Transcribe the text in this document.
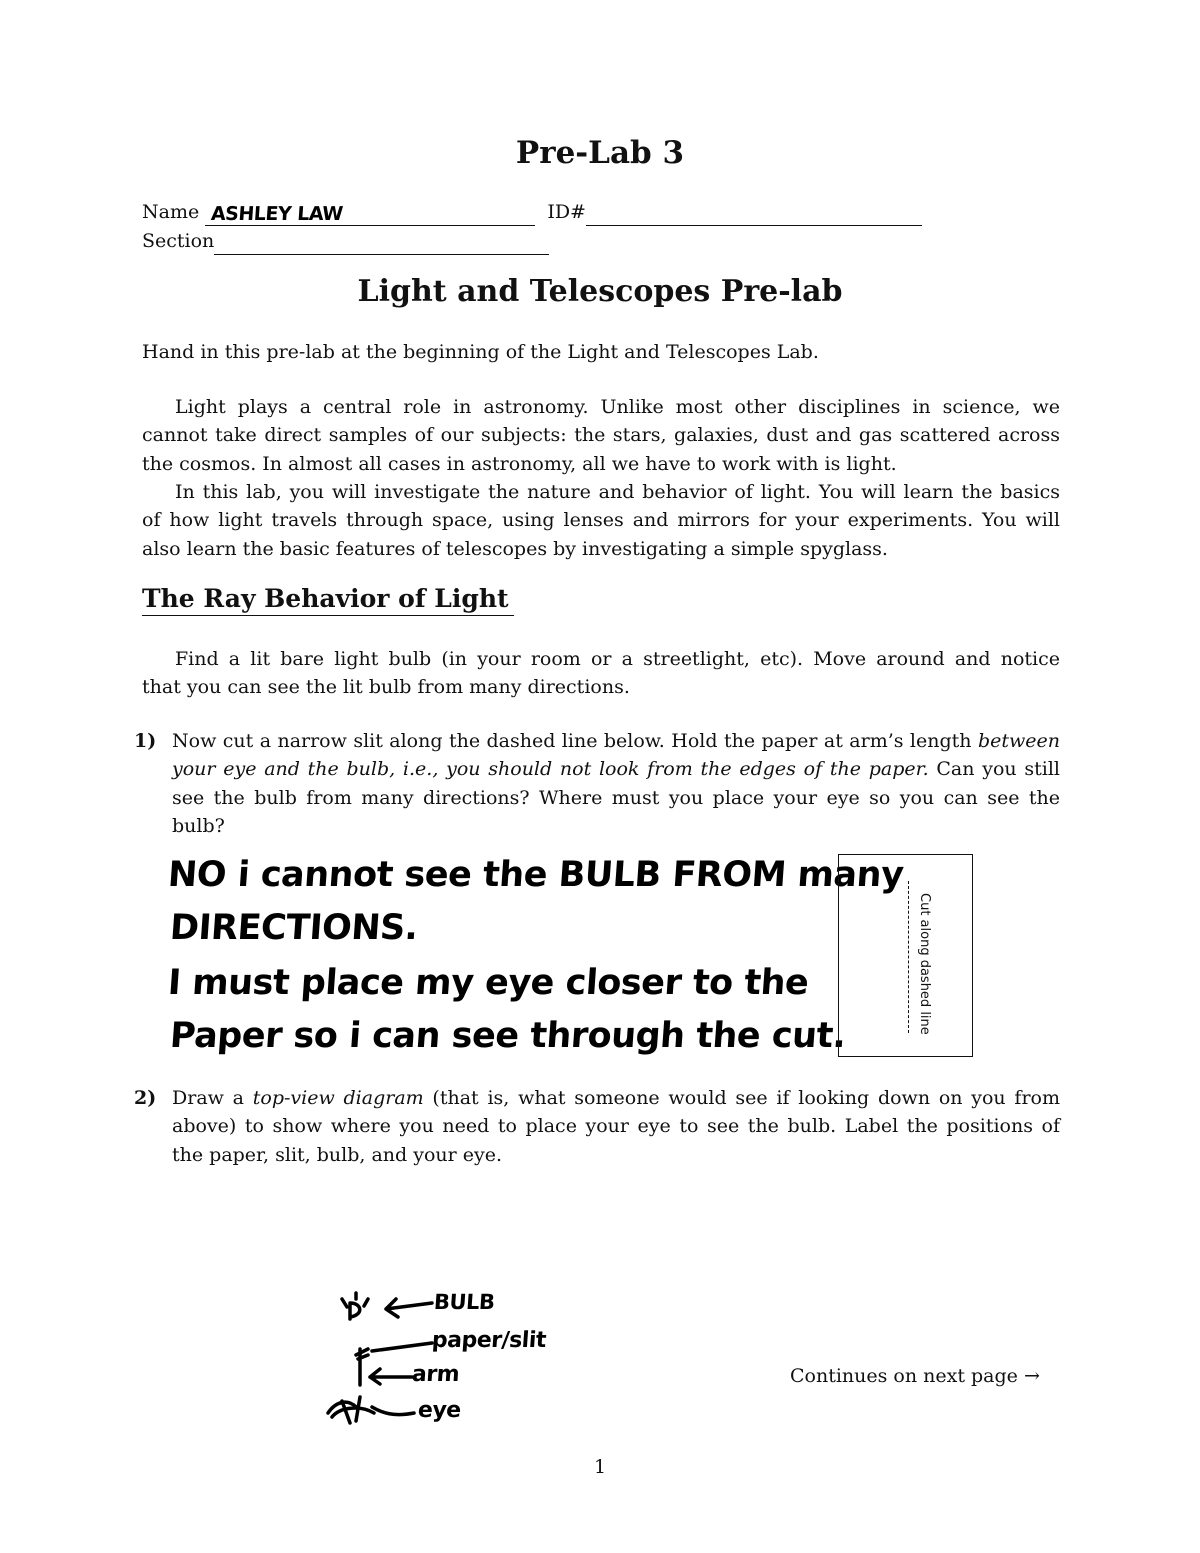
Pre-Lab 3
Name ASHLEY LAW	ID#
Section
Light and Telescopes Pre-lab
Hand in this pre-lab at the beginning of the Light and Telescopes Lab.
Light plays a central role in astronomy. Unlike most other disciplines in science, we
cannot take direct samples of our subjects: the stars, galaxies, dust and gas scattered across
the cosmos. In almost all cases in astronomy, all we have to work with is light.
In this lab, you will investigate the nature and behavior of light. You will learn the basics
of how light travels through space, using lenses and mirrors for your experiments. You will
also learn the basic features of telescopes by investigating a simple spyglass.
The Ray Behavior of Light
Find a lit bare light bulb (in your room or a streetlight, etc). Move around and notice
that you can see the lit bulb from many directions.
1) Now cut a narrow slit along the dashed line below. Hold the paper at arm’s length between
your eye and the bulb, i.e., you should not look from the edges of the paper. Can you still
see the bulb from many directions? Where must you place your eye so you can see the
bulb?
NO i cannot see the BULB FROM many
DIRECTIONS.
I must place my eye closer to the
Paper so i can see through the cut.
Cut along dashed line
2) Draw a top-view diagram (that is, what someone would see if looking down on you from
above) to show where you need to place your eye to see the bulb. Label the positions of
the paper, slit, bulb, and your eye.
BULB
paper/slit
arm
eye
Continues on next page →
1
